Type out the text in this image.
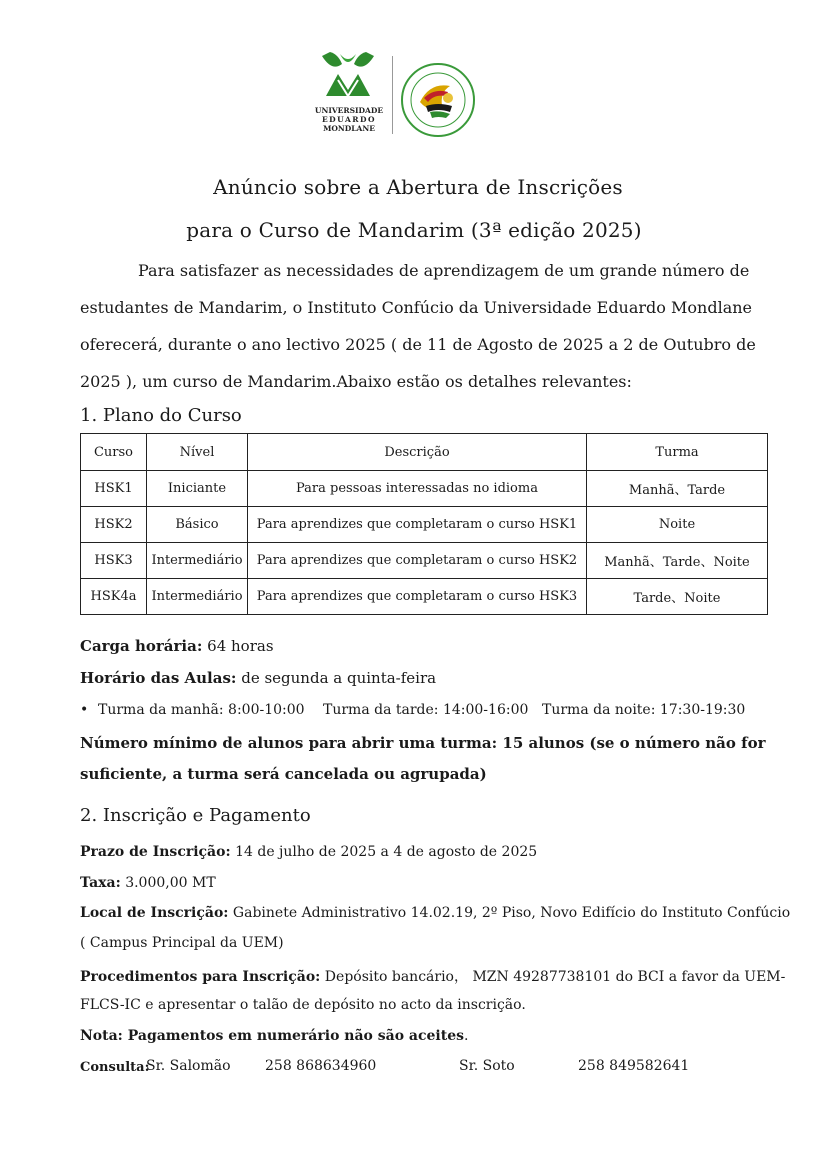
UNIVERSIDADE
EDUARDO
MONDLANE
Anúncio sobre a Abertura de Inscrições
para o Curso de Mandarim (3ª edição 2025)
Para satisfazer as necessidades de aprendizagem de um grande número de
estudantes de Mandarim, o Instituto Confúcio da Universidade Eduardo Mondlane
oferecerá, durante o ano lectivo 2025 ( de 11 de Agosto de 2025 a 2 de Outubro de
2025 ), um curso de Mandarim.Abaixo estão os detalhes relevantes:
1. Plano do Curso
Curso	Nível	Descrição	Turma
HSK1	Iniciante	Para pessoas interessadas no idioma	Manhã、Tarde
HSK2	Básico	Para aprendizes que completaram o curso HSK1	Noite
HSK3	Intermediário	Para aprendizes que completaram o curso HSK2	Manhã、Tarde、Noite
HSK4a	Intermediário	Para aprendizes que completaram o curso HSK3	Tarde、Noite
Carga horária: 64 horas
Horário das Aulas: de segunda a quinta-feira
• Turma da manhã: 8:00-10:00 Turma da tarde: 14:00-16:00 Turma da noite: 17:30-19:30
Número mínimo de alunos para abrir uma turma: 15 alunos (se o número não for
suficiente, a turma será cancelada ou agrupada)
2. Inscrição e Pagamento
Prazo de Inscrição: 14 de julho de 2025 a 4 de agosto de 2025
Taxa: 3.000,00 MT
Local de Inscrição: Gabinete Administrativo 14.02.19, 2º Piso, Novo Edifício do Instituto Confúcio
( Campus Principal da UEM)
Procedimentos para Inscrição: Depósito bancário， MZN 49287738101 do BCI a favor da UEM-
FLCS-IC e apresentar o talão de depósito no acto da inscrição.
Nota: Pagamentos em numerário não são aceites.
Consulta:
Sr. Salomão 258 868634960	Sr. Soto	258 849582641
